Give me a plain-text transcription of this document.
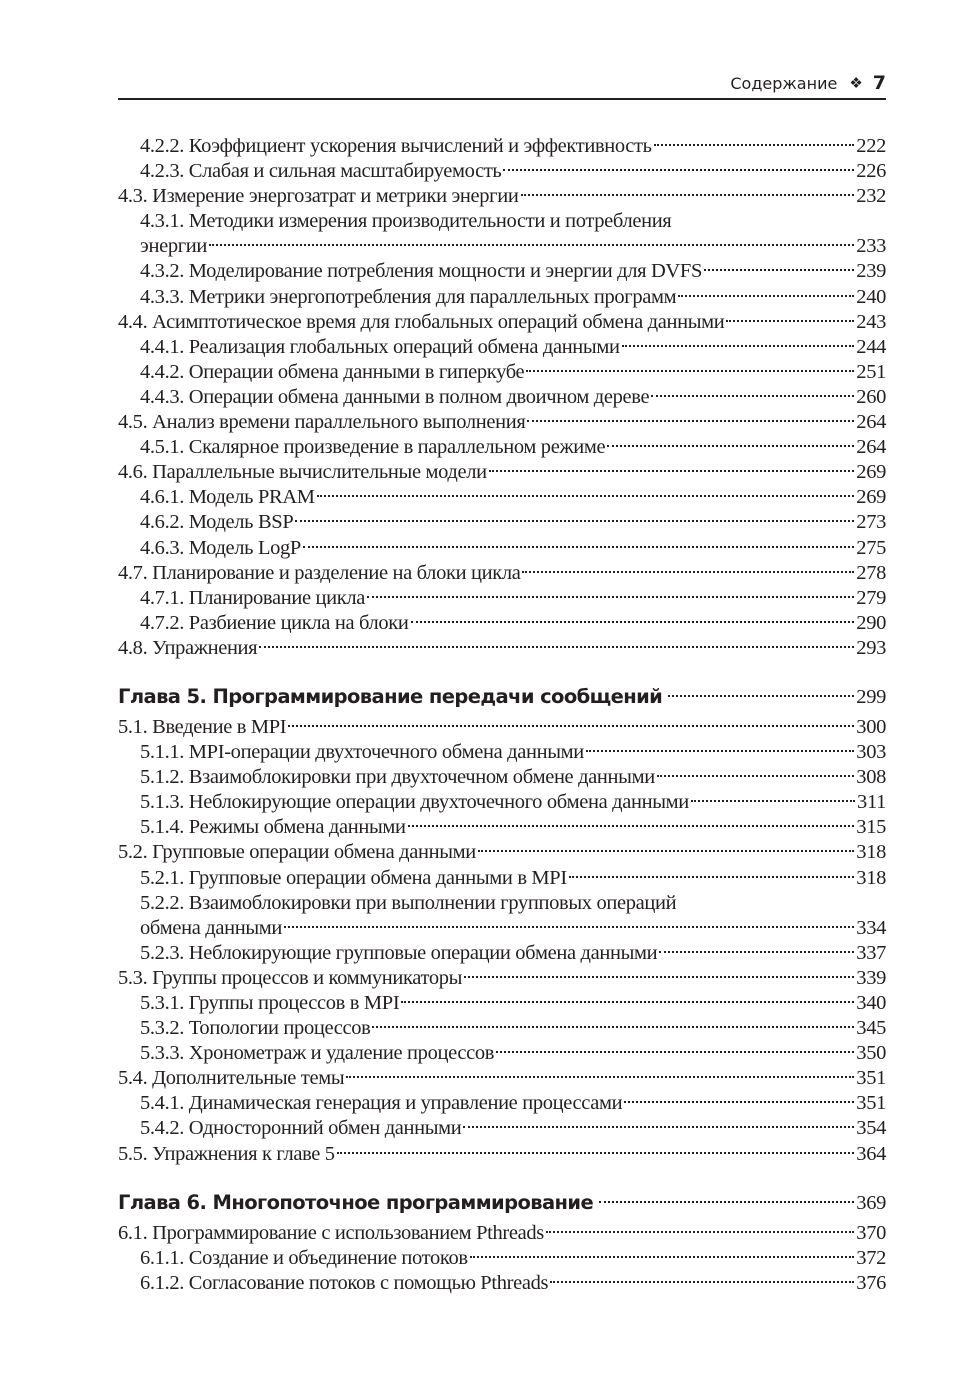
Содержание ❖ 7
4.2.2. Коэффициент ускорения вычислений и эффективность	222
4.2.3. Слабая и сильная масштабируемость	226
4.3. Измерение энергозатрат и метрики энергии	232
4.3.1. Методики измерения производительности и потребления
энергии	233
4.3.2. Моделирование потребления мощности и энергии для DVFS	239
4.3.3. Метрики энергопотребления для параллельных программ	240
4.4. Асимптотическое время для глобальных операций обмена данными	243
4.4.1. Реализация глобальных операций обмена данными	244
4.4.2. Операции обмена данными в гиперкубе	251
4.4.3. Операции обмена данными в полном двоичном дереве	260
4.5. Анализ времени параллельного выполнения	264
4.5.1. Скалярное произведение в параллельном режиме	264
4.6. Параллельные вычислительные модели	269
4.6.1. Модель PRAM	269
4.6.2. Модель BSP	273
4.6.3. Модель LogP	275
4.7. Планирование и разделение на блоки цикла	278
4.7.1. Планирование цикла	279
4.7.2. Разбиение цикла на блоки	290
4.8. Упражнения	293
Глава 5. Программирование передачи сообщений	299
5.1. Введение в MPI	300
5.1.1. MPI-операции двухточечного обмена данными	303
5.1.2. Взаимоблокировки при двухточечном обмене данными	308
5.1.3. Неблокирующие операции двухточечного обмена данными	311
5.1.4. Режимы обмена данными	315
5.2. Групповые операции обмена данными	318
5.2.1. Групповые операции обмена данными в MPI	318
5.2.2. Взаимоблокировки при выполнении групповых операций
обмена данными	334
5.2.3. Неблокирующие групповые операции обмена данными	337
5.3. Группы процессов и коммуникаторы	339
5.3.1. Группы процессов в MPI	340
5.3.2. Топологии процессов	345
5.3.3. Хронометраж и удаление процессов	350
5.4. Дополнительные темы	351
5.4.1. Динамическая генерация и управление процессами	351
5.4.2. Односторонний обмен данными	354
5.5. Упражнения к главе 5	364
Глава 6. Многопоточное программирование	369
6.1. Программирование с использованием Pthreads	370
6.1.1. Создание и объединение потоков	372
6.1.2. Согласование потоков с помощью Pthreads	376
